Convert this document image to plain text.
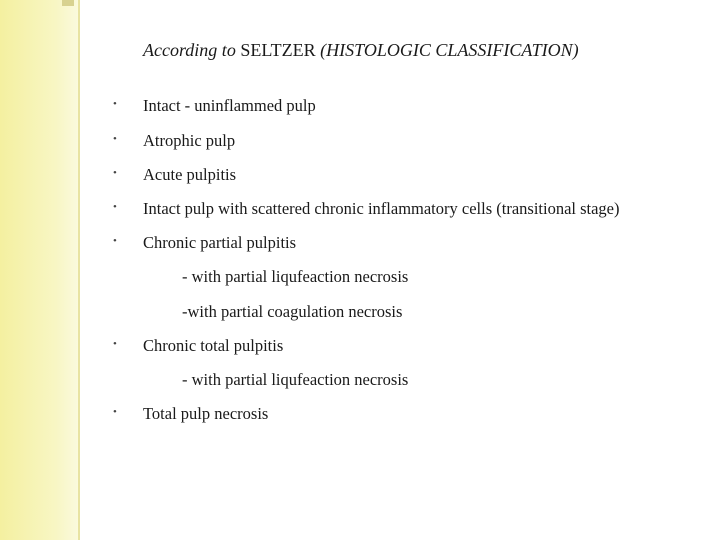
According to SELTZER (HISTOLOGIC CLASSIFICATION)
• Intact - uninflammed pulp
• Atrophic pulp
• Acute pulpitis
• Intact pulp with scattered chronic inflammatory cells (transitional stage)
• Chronic partial pulpitis
- with partial liqufeaction necrosis
-with partial coagulation necrosis
• Chronic total pulpitis
- with partial liqufeaction necrosis
• Total pulp necrosis
